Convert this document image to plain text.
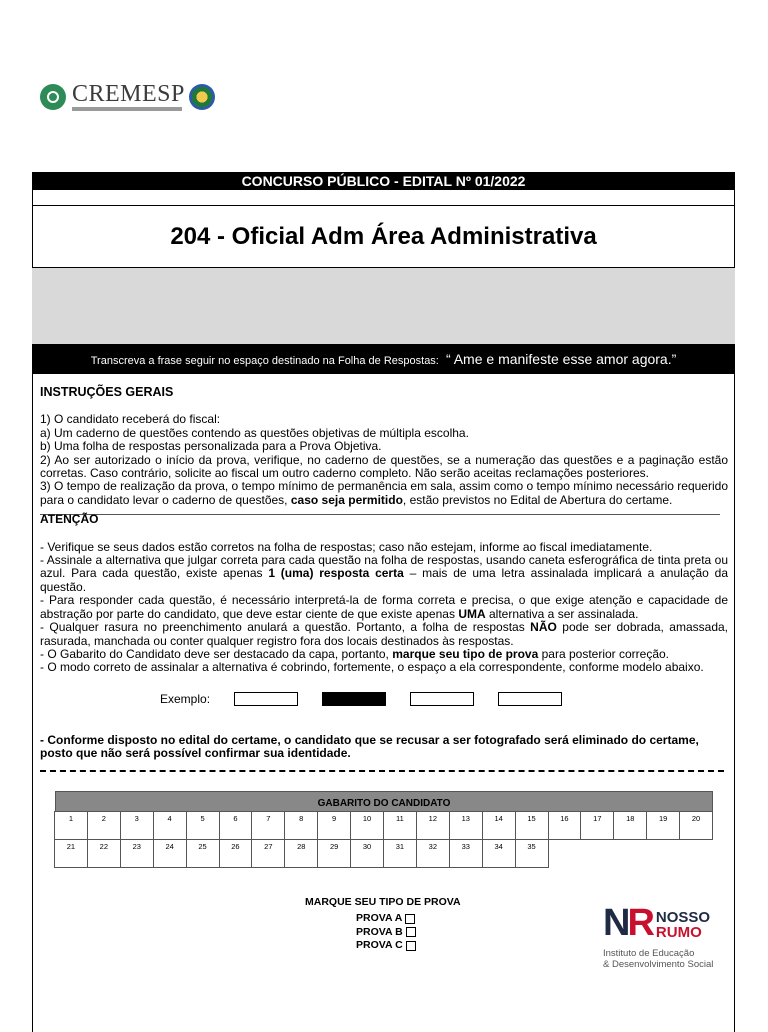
CREMESP
CONCURSO PÚBLICO - EDITAL Nº 01/2022
204 - Oficial Adm Área Administrativa
Transcreva a frase seguir no espaço destinado na Folha de Respostas: “ Ame e manifeste esse amor agora.”
INSTRUÇÕES GERAIS

1) O candidato receberá do fiscal:

a) Um caderno de questões contendo as questões objetivas de múltipla escolha.

b) Uma folha de respostas personalizada para a Prova Objetiva.

2) Ao ser autorizado o início da prova, verifique, no caderno de questões, se a numeração das questões e a paginação estão corretas. Caso contrário, solicite ao fiscal um outro caderno completo. Não serão aceitas reclamações posteriores.

3) O tempo de realização da prova, o tempo mínimo de permanência em sala, assim como o tempo mínimo necessário requerido para o candidato levar o caderno de questões, caso seja permitido, estão previstos no Edital de Abertura do certame.

ATENÇÃO

- Verifique se seus dados estão corretos na folha de respostas; caso não estejam, informe ao fiscal imediatamente.

- Assinale a alternativa que julgar correta para cada questão na folha de respostas, usando caneta esferográfica de tinta preta ou azul. Para cada questão, existe apenas 1 (uma) resposta certa – mais de uma letra assinalada implicará a anulação da questão.

- Para responder cada questão, é necessário interpretá-la de forma correta e precisa, o que exige atenção e capacidade de abstração por parte do candidato, que deve estar ciente de que existe apenas UMA alternativa a ser assinalada.

- Qualquer rasura no preenchimento anulará a questão. Portanto, a folha de respostas NÃO pode ser dobrada, amassada, rasurada, manchada ou conter qualquer registro fora dos locais destinados às respostas.

- O Gabarito do Candidato deve ser destacado da capa, portanto, marque seu tipo de prova para posterior correção.

- O modo correto de assinalar a alternativa é cobrindo, fortemente, o espaço a ela correspondente, conforme modelo abaixo.

Exemplo:
- Conforme disposto no edital do certame, o candidato que se recusar a ser fotografado será eliminado do certame, posto que não será possível confirmar sua identidade.
GABARITO DO CANDIDATO
1	2	3	4	5	6	7	8	9	10	11	12	13	14	15	16	17	18	19	20
21	22	23	24	25	26	27	28	29	30	31	32	33	34	35
MARQUE SEU TIPO DE PROVA
PROVA A
PROVA B
PROVA C
NR NOSSO
RUMO
Instituto de Educação
& Desenvolvimento Social
